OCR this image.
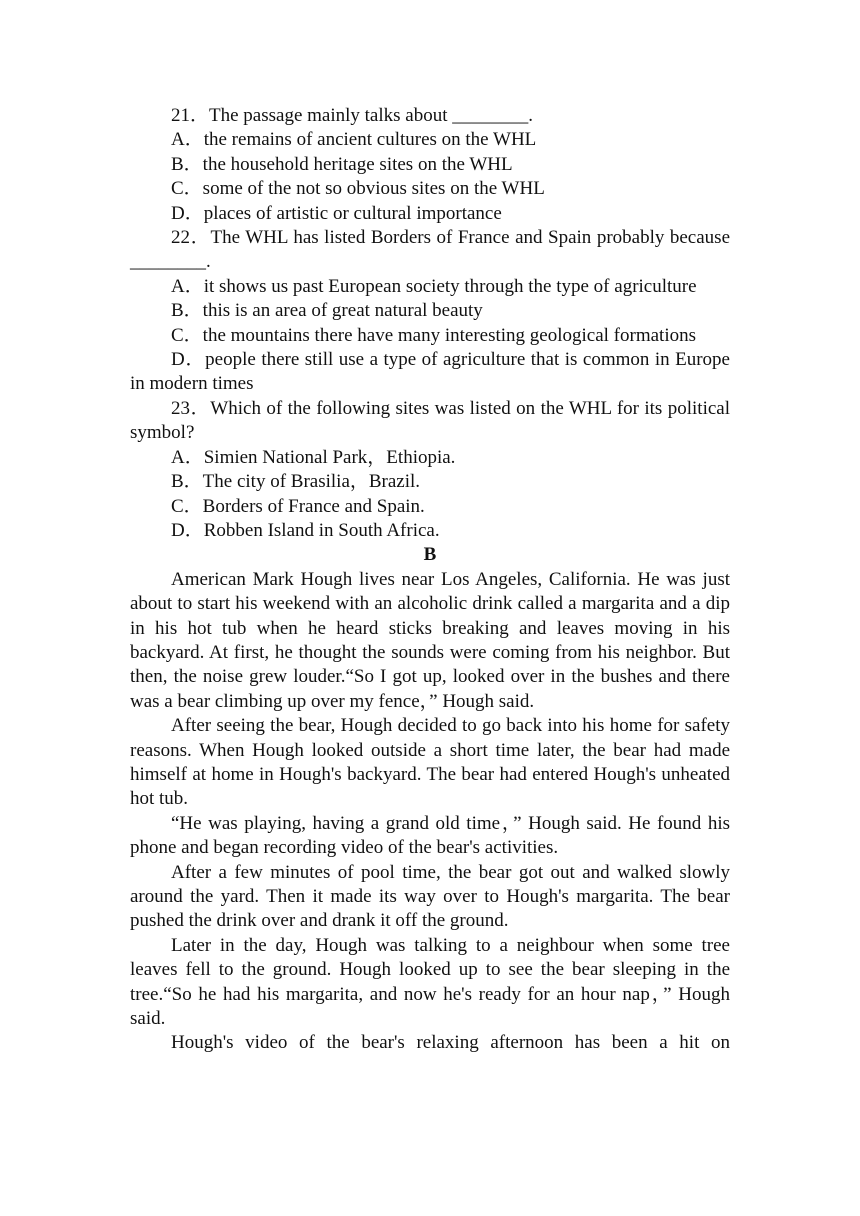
21．The passage mainly talks about ________.
A．the remains of ancient cultures on the WHL
B．the household heritage sites on the WHL
C．some of the not so obvious sites on the WHL
D．places of artistic or cultural importance

22．The WHL has listed Borders of France and Spain probably because ________.

A．it shows us past European society through the type of agriculture
B．this is an area of great natural beauty
C．the mountains there have many interesting geological formations

D．people there still use a type of agriculture that is common in Europe in modern times

23．Which of the following sites was listed on the WHL for its political symbol?

A．Simien National Park，Ethiopia.
B．The city of Brasilia，Brazil.
C．Borders of France and Spain.
D．Robben Island in South Africa.
B

American Mark Hough lives near Los Angeles, California. He was just about to start his weekend with an alcoholic drink called a margarita and a dip in his hot tub when he heard sticks breaking and leaves moving in his backyard. At first, he thought the sounds were coming from his neighbor. But then, the noise grew louder.“So I got up, looked over in the bushes and there was a bear climbing up over my fence，” Hough said.

After seeing the bear, Hough decided to go back into his home for safety reasons. When Hough looked outside a short time later, the bear had made himself at home in Hough's backyard. The bear had entered Hough's unheated hot tub.

“He was playing, having a grand old time，” Hough said. He found his phone and began recording video of the bear's activities.

After a few minutes of pool time, the bear got out and walked slowly around the yard. Then it made its way over to Hough's margarita. The bear pushed the drink over and drank it off the ground.

Later in the day, Hough was talking to a neighbour when some tree leaves fell to the ground. Hough looked up to see the bear sleeping in the tree.“So he had his margarita, and now he's ready for an hour nap，” Hough said.

Hough's video of the bear's relaxing afternoon has been a hit on
